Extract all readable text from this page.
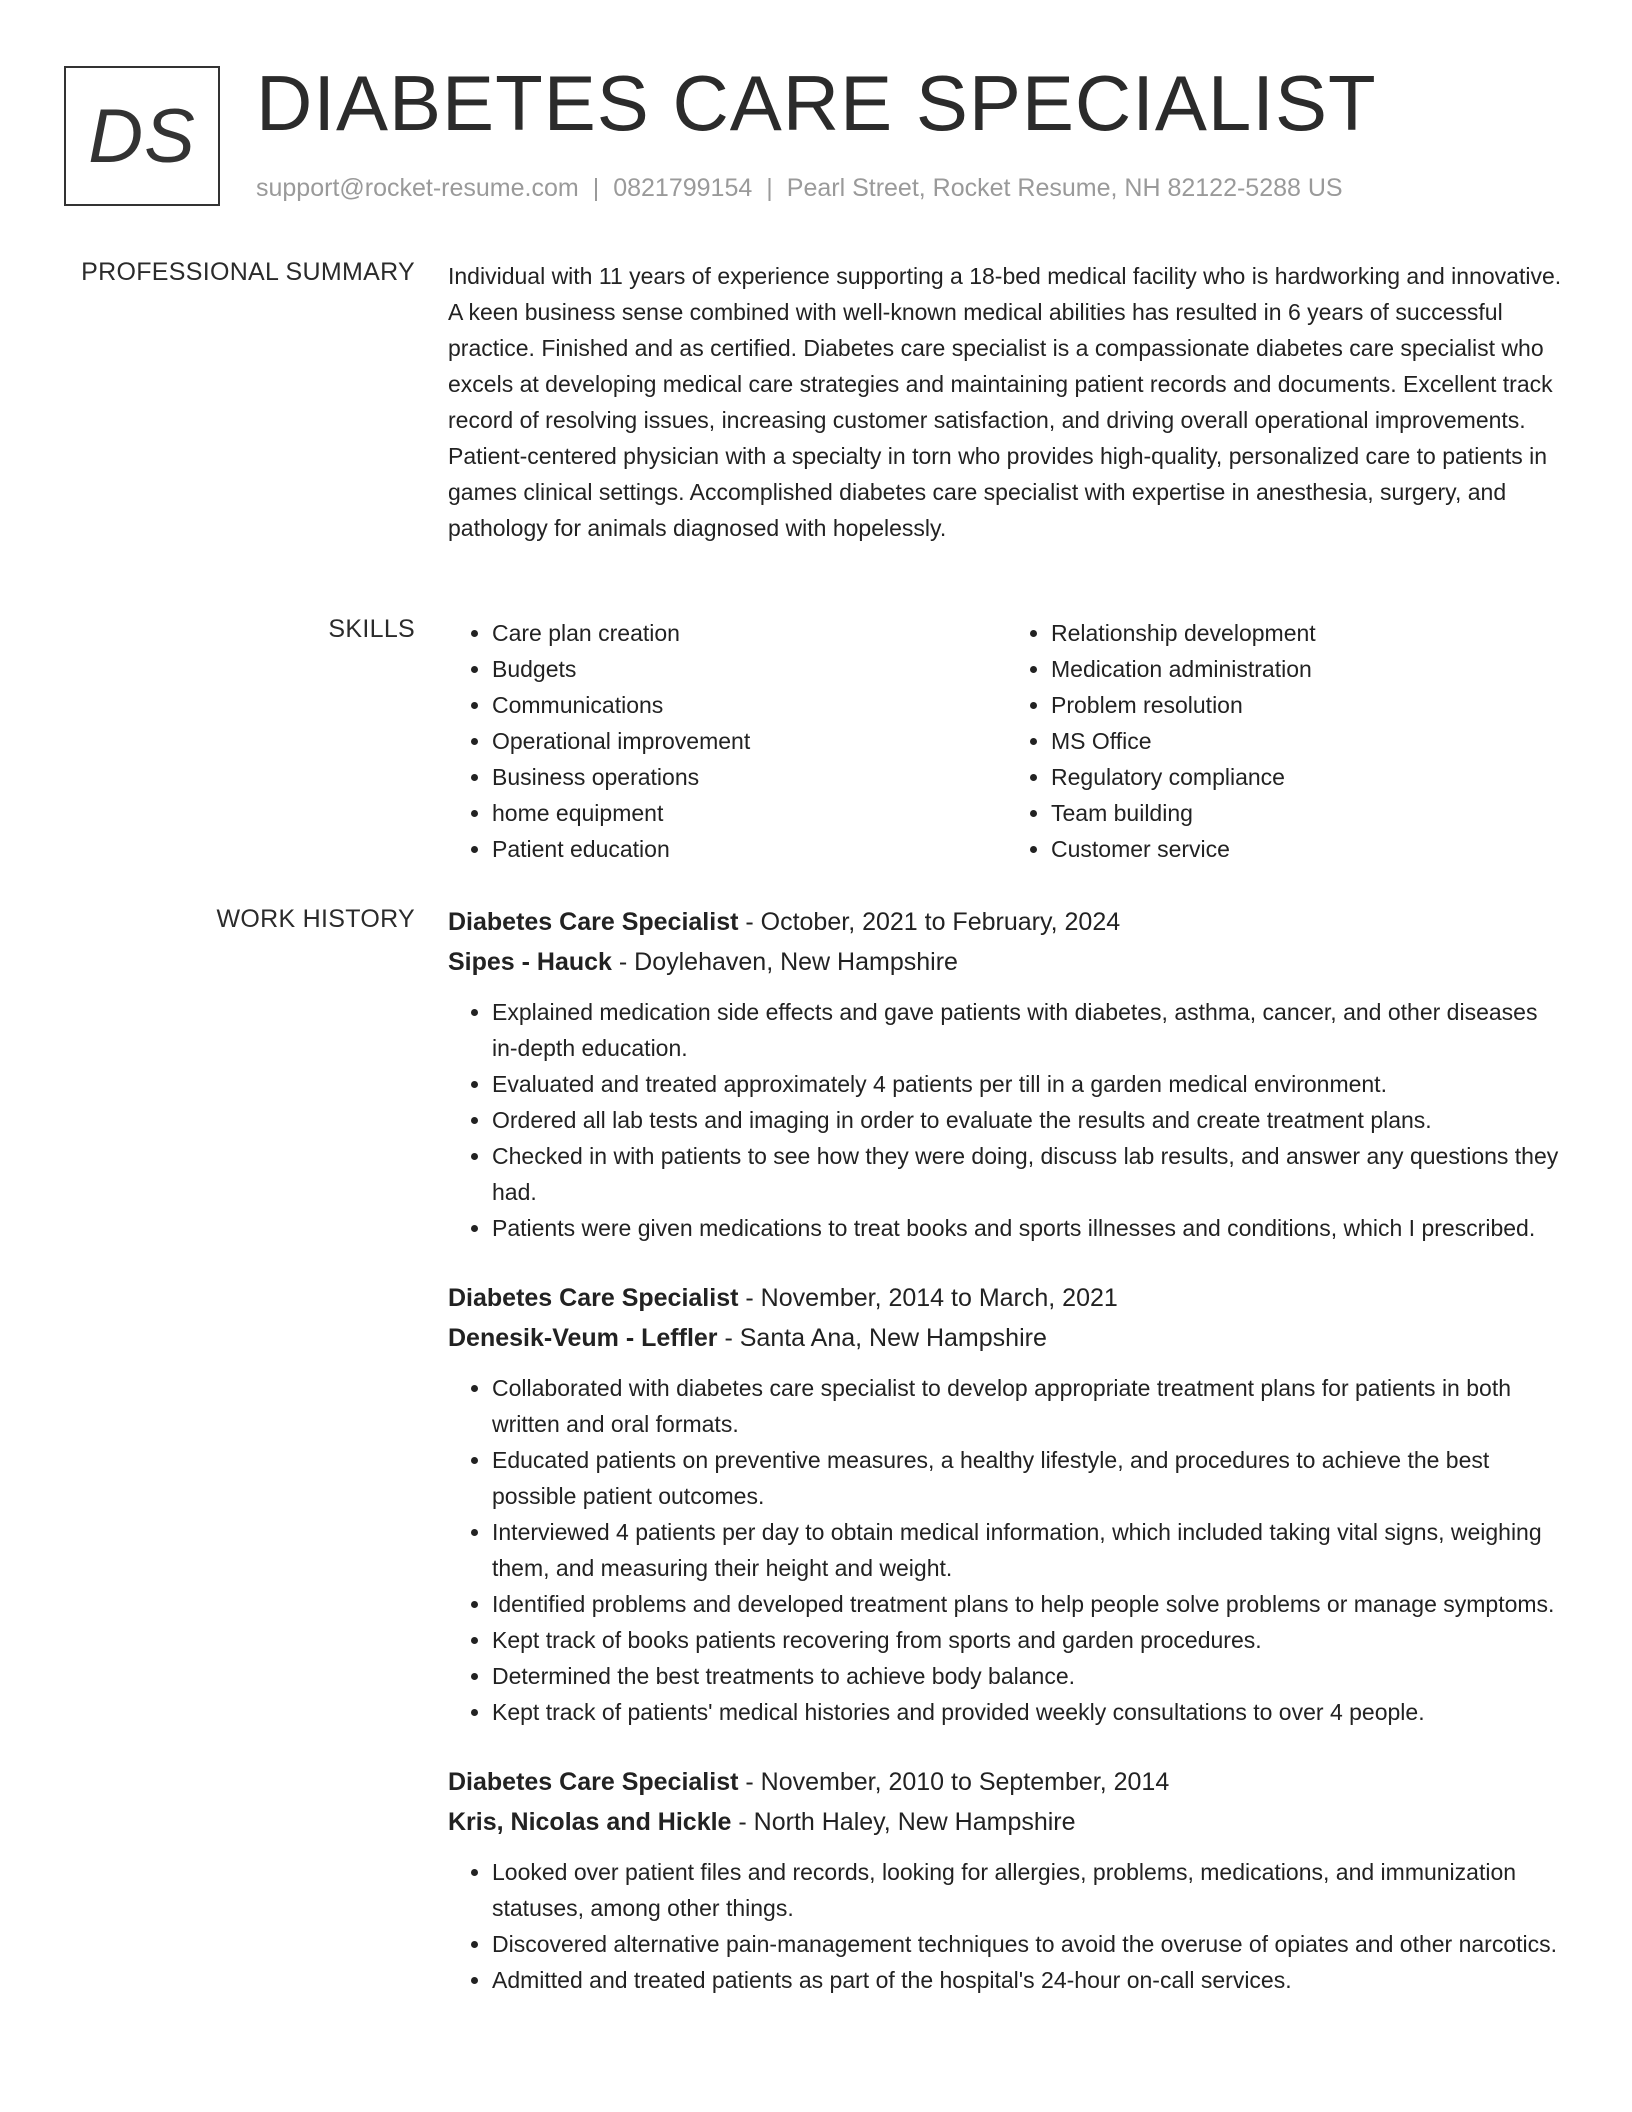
DS DIABETES CARE SPECIALIST
support@rocket-resume.com | 0821799154 | Pearl Street, Rocket Resume, NH 82122-5288 US
PROFESSIONAL SUMMARY Individual with 11 years of experience supporting a 18-bed medical facility who is hardworking and innovative. A keen business sense combined with well-known medical abilities has resulted in 6 years of successful practice. Finished and as certified. Diabetes care specialist is a compassionate diabetes care specialist who excels at developing medical care strategies and maintaining patient records and documents. Excellent track record of resolving issues, increasing customer satisfaction, and driving overall operational improvements. Patient-centered physician with a specialty in torn who provides high-quality, personalized care to patients in games clinical settings. Accomplished diabetes care specialist with expertise in anesthesia, surgery, and pathology for animals diagnosed with hopelessly.

SKILLS
•	Care plan creation
• Budgets
• Communications
• Operational improvement
• Business operations
• home equipment
• Patient education
• Relationship development
• Medication administration
• Problem resolution
• MS Office
• Regulatory compliance
• Team building
• Customer service
WORK HISTORY Diabetes Care Specialist - October, 2021 to February, 2024
Sipes - Hauck - Doylehaven, New Hampshire
• Explained medication side effects and gave patients with diabetes, asthma, cancer, and other diseases in-depth education.
• Evaluated and treated approximately 4 patients per till in a garden medical environment.
• Ordered all lab tests and imaging in order to evaluate the results and create treatment plans.
• Checked in with patients to see how they were doing, discuss lab results, and answer any questions they had.
• Patients were given medications to treat books and sports illnesses and conditions, which I prescribed.
Diabetes Care Specialist - November, 2014 to March, 2021
Denesik-Veum - Leffler - Santa Ana, New Hampshire
• Collaborated with diabetes care specialist to develop appropriate treatment plans for patients in both written and oral formats.
• Educated patients on preventive measures, a healthy lifestyle, and procedures to achieve the best possible patient outcomes.
• Interviewed 4 patients per day to obtain medical information, which included taking vital signs, weighing them, and measuring their height and weight.
• Identified problems and developed treatment plans to help people solve problems or manage symptoms.
• Kept track of books patients recovering from sports and garden procedures.
• Determined the best treatments to achieve body balance.
• Kept track of patients' medical histories and provided weekly consultations to over 4 people.
Diabetes Care Specialist - November, 2010 to September, 2014
Kris, Nicolas and Hickle - North Haley, New Hampshire
• Looked over patient files and records, looking for allergies, problems, medications, and immunization statuses, among other things.
• Discovered alternative pain-management techniques to avoid the overuse of opiates and other narcotics.
• Admitted and treated patients as part of the hospital's 24-hour on-call services.
